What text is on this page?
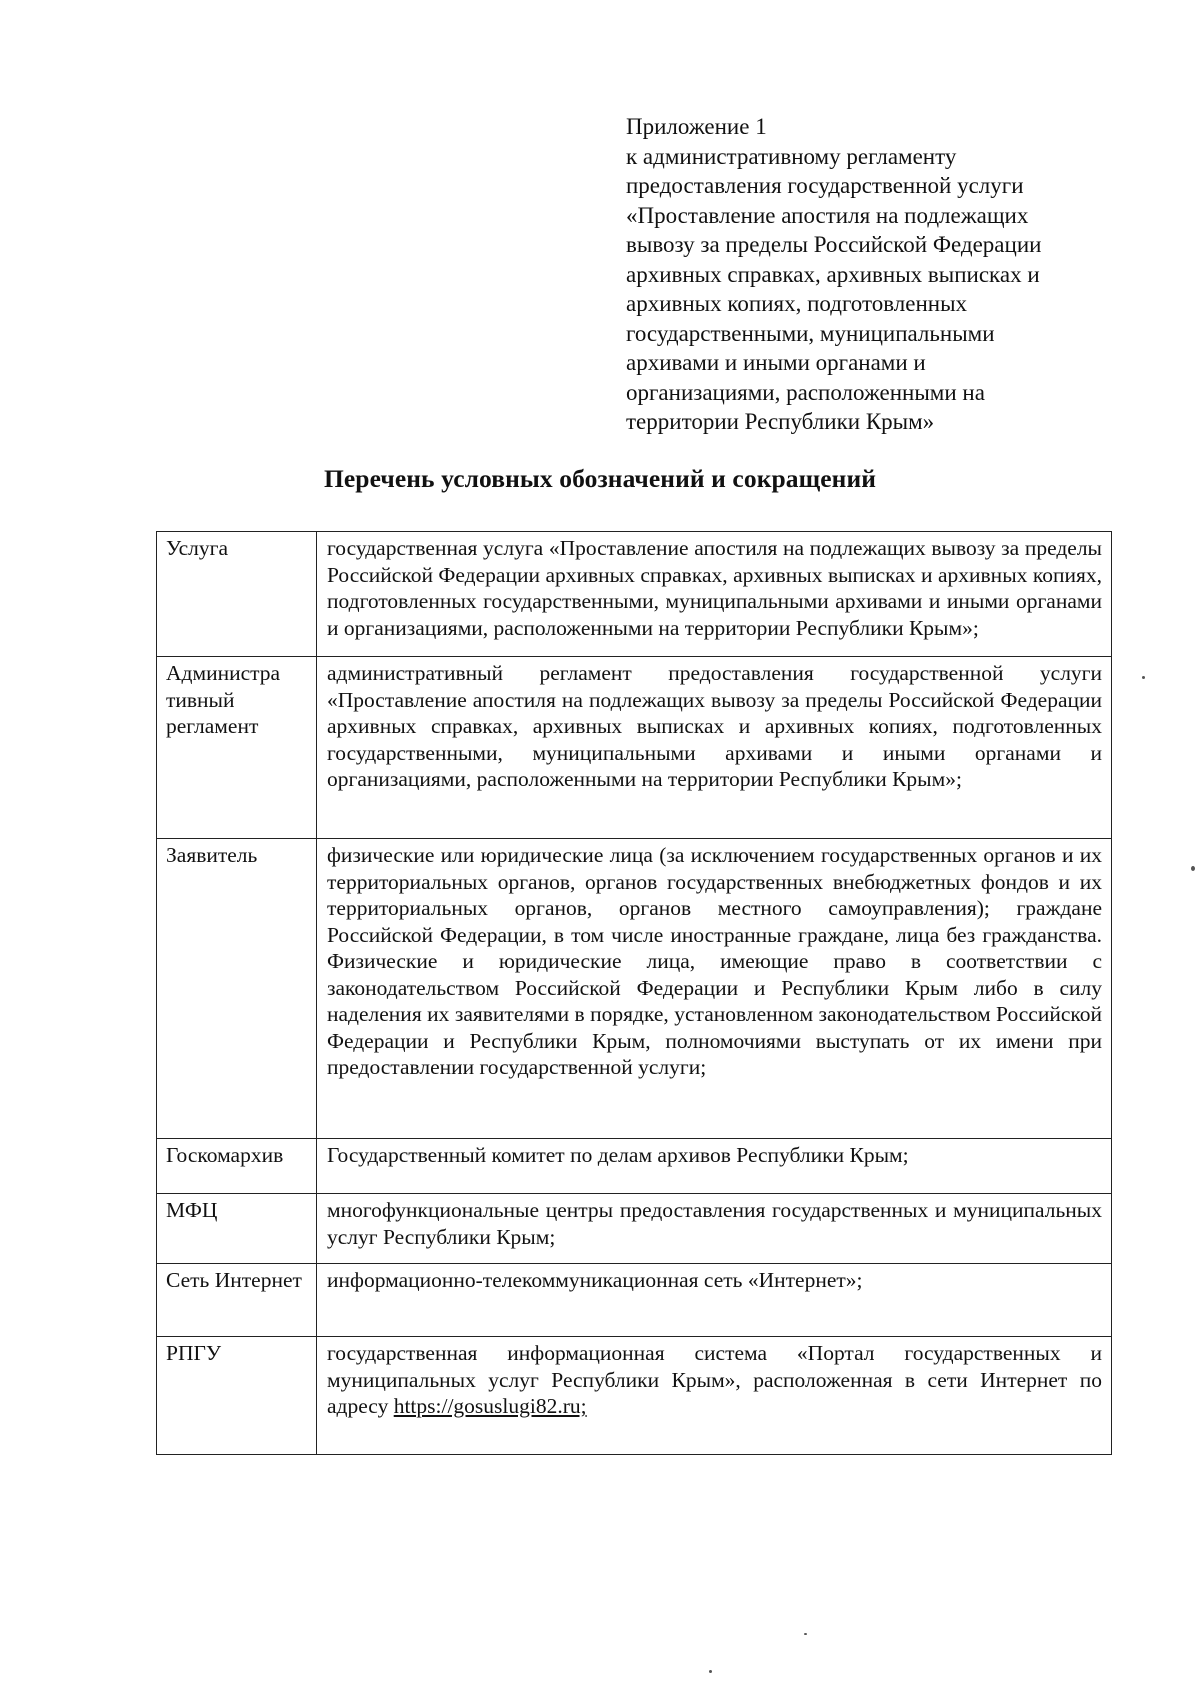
Приложение 1
к административному регламенту
предоставления государственной услуги
«Проставление апостиля на подлежащих
вывозу за пределы Российской Федерации
архивных справках, архивных выписках и
архивных копиях, подготовленных
государственными, муниципальными
архивами и иными органами и
организациями, расположенными на
территории Республики Крым»
Перечень условных обозначений и сокращений
Услуга	государственная услуга «Проставление апостиля на подлежащих вывозу за пределы Российской Федерации архивных справках, архивных выписках и архивных копиях, подготовленных государственными, муниципальными архивами и иными органами и организациями, расположенными на территории Республики Крым»;
Администра тивный регламент	административный регламент предоставления государственной услуги «Проставление апостиля на подлежащих вывозу за пределы Российской Федерации архивных справках, архивных выписках и архивных копиях, подготовленных государственными, муниципальными архивами и иными органами и организациями, расположенными на территории Республики Крым»;
Заявитель	физические или юридические лица (за исключением государственных органов и их территориальных органов, органов государственных внебюджетных фондов и их территориальных органов, органов местного самоуправления); граждане Российской Федерации, в том числе иностранные граждане, лица без гражданства. Физические и юридические лица, имеющие право в соответствии с законодательством Российской Федерации и Республики Крым либо в силу наделения их заявителями в порядке, установленном законодательством Российской Федерации и Республики Крым, полномочиями выступать от их имени при предоставлении государственной услуги;
Госкомархив	Государственный комитет по делам архивов Республики Крым;
МФЦ	многофункциональные центры предоставления государственных и муниципальных услуг Республики Крым;
Сеть Интернет	информационно-телекоммуникационная сеть «Интернет»;
РПГУ	государственная информационная система «Портал государственных и муниципальных услуг Республики Крым», расположенная в сети Интернет по адресу https://gosuslugi82.ru;
